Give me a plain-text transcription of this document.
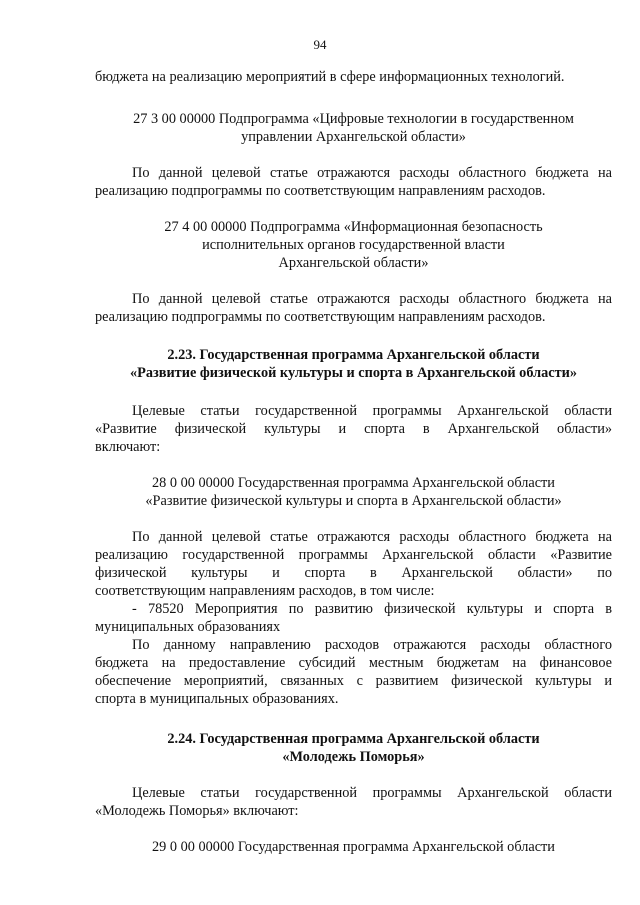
94
бюджета на реализацию мероприятий в сфере информационных технологий.
27 3 00 00000 Подпрограмма «Цифровые технологии в государственном
управлении Архангельской области»
По данной целевой статье отражаются расходы областного бюджета на
реализацию подпрограммы по соответствующим направлениям расходов.
27 4 00 00000 Подпрограмма «Информационная безопасность
исполнительных органов государственной власти
Архангельской области»
По данной целевой статье отражаются расходы областного бюджета на
реализацию подпрограммы по соответствующим направлениям расходов.
2.23. Государственная программа Архангельской области
«Развитие физической культуры и спорта в Архангельской области»
Целевые статьи государственной программы Архангельской области
«Развитие физической культуры и спорта в Архангельской области»
включают:
28 0 00 00000 Государственная программа Архангельской области
«Развитие физической культуры и спорта в Архангельской области»
По данной целевой статье отражаются расходы областного бюджета на
реализацию государственной программы Архангельской области «Развитие
физической культуры и спорта в Архангельской области» по
соответствующим направлениям расходов, в том числе:
- 78520 Мероприятия по развитию физической культуры и спорта в
муниципальных образованиях
По данному направлению расходов отражаются расходы областного
бюджета на предоставление субсидий местным бюджетам на финансовое
обеспечение мероприятий, связанных с развитием физической культуры и
спорта в муниципальных образованиях.
2.24. Государственная программа Архангельской области
«Молодежь Поморья»
Целевые статьи государственной программы Архангельской области
«Молодежь Поморья» включают:
29 0 00 00000 Государственная программа Архангельской области
